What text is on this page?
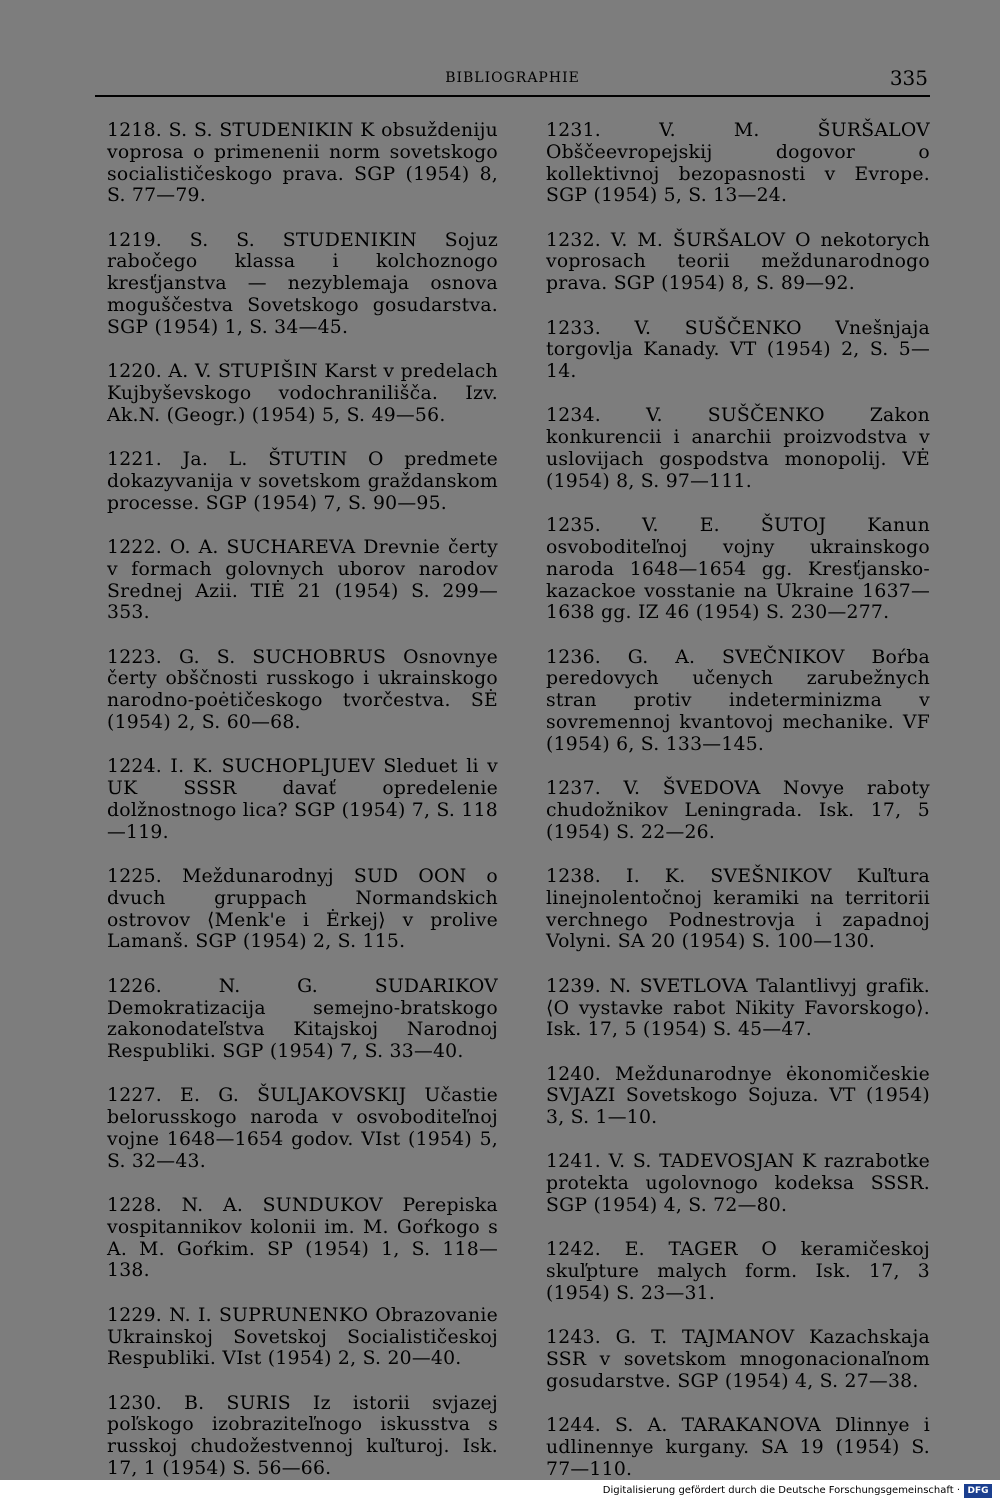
BIBLIOGRAPHIE	335

1218. S. S. STUDENIKIN K obsuždeniju voprosa o primenenii norm sovetskogo socialističeskogo prava. SGP (1954) 8, S. 77—79.

1219. S. S. STUDENIKIN Sojuz rabočego klassa i kolchoznogo kresťjanstva — nezyblemaja osnova moguščestva Sovetskogo gosudarstva. SGP (1954) 1, S. 34—45.

1220. A. V. STUPIŠIN Karst v predelach Kujbyševskogo vodochranilišča. Izv. Ak.N. (Geogr.) (1954) 5, S. 49—56.

1221. Ja. L. ŠTUTIN O predmete dokazyvanija v sovetskom graždanskom processe. SGP (1954) 7, S. 90—95.

1222. O. A. SUCHAREVA Drevnie čerty v formach golovnych uborov narodov Srednej Azii. TIĖ 21 (1954) S. 299—353.

1223. G. S. SUCHOBRUS Osnovnye čerty obščnosti russkogo i ukrainskogo narodno-poėtičeskogo tvorčestva. SĖ (1954) 2, S. 60—68.

1224. I. K. SUCHOPLJUEV Sleduet li v UK SSSR davať opredelenie dolžnostnogo lica? SGP (1954) 7, S. 118—119.

1225. Meždunarodnyj SUD OON o dvuch gruppach Normandskich ostrovov ⟨Menk'e i Ėrkej⟩ v prolive Lamanš. SGP (1954) 2, S. 115.

1226. N. G. SUDARIKOV Demokratizacija semejno-bratskogo zakonodateľstva Kitajskoj Narodnoj Respubliki. SGP (1954) 7, S. 33—40.

1227. E. G. ŠULJAKOVSKIJ Učastie belorusskogo naroda v osvoboditeľnoj vojne 1648—1654 godov. VIst (1954) 5, S. 32—43.

1228. N. A. SUNDUKOV Perepiska vospitannikov kolonii im. M. Goŕkogo s A. M. Goŕkim. SP (1954) 1, S. 118—138.

1229. N. I. SUPRUNENKO Obrazovanie Ukrainskoj Sovetskoj Socialističeskoj Respubliki. VIst (1954) 2, S. 20—40.

1230. B. SURIS Iz istorii svjazej poľskogo izobraziteľnogo iskusstva s russkoj chudožestvennoj kuľturoj. Isk. 17, 1 (1954) S. 56—66.

1231. V. M. ŠURŠALOV Obščeevropejskij dogovor o kollektivnoj bezopasnosti v Evrope. SGP (1954) 5, S. 13—24.

1232. V. M. ŠURŠALOV O nekotorych voprosach teorii meždunarodnogo prava. SGP (1954) 8, S. 89—92.

1233. V. SUŠČENKO Vnešnjaja torgovlja Kanady. VT (1954) 2, S. 5—14.

1234. V. SUŠČENKO Zakon konkurencii i anarchii proizvodstva v uslovijach gospodstva monopolij. VĖ (1954) 8, S. 97—111.

1235. V. E. ŠUTOJ Kanun osvoboditeľnoj vojny ukrainskogo naroda 1648—1654 gg. Kresťjansko-kazackoe vosstanie na Ukraine 1637—1638 gg. IZ 46 (1954) S. 230—277.

1236. G. A. SVEČNIKOV Boŕba peredovych učenych zarubežnych stran protiv indeterminizma v sovremennoj kvantovoj mechanike. VF (1954) 6, S. 133—145.

1237. V. ŠVEDOVA Novye raboty chudožnikov Leningrada. Isk. 17, 5 (1954) S. 22—26.

1238. I. K. SVEŠNIKOV Kuľtura linejnolentočnoj keramiki na territorii verchnego Podnestrovja i zapadnoj Volyni. SA 20 (1954) S. 100—130.

1239. N. SVETLOVA Talantlivyj grafik. ⟨O vystavke rabot Nikity Favorskogo⟩. Isk. 17, 5 (1954) S. 45—47.

1240. Meždunarodnye ėkonomičeskie SVJAZI Sovetskogo Sojuza. VT (1954) 3, S. 1—10.

1241. V. S. TADEVOSJAN K razrabotke protekta ugolovnogo kodeksa SSSR. SGP (1954) 4, S. 72—80.

1242. E. TAGER O keramičeskoj skuľpture malych form. Isk. 17, 3 (1954) S. 23—31.

1243. G. T. TAJMANOV Kazachskaja SSR v sovetskom mnogonacionaľnom gosudarstve. SGP (1954) 4, S. 27—38.

1244. S. A. TARAKANOVA Dlinnye i udlinennye kurgany. SA 19 (1954) S. 77—110.

Digitalisierung gefördert durch die Deutsche Forschungsgemeinschaft · DFG
